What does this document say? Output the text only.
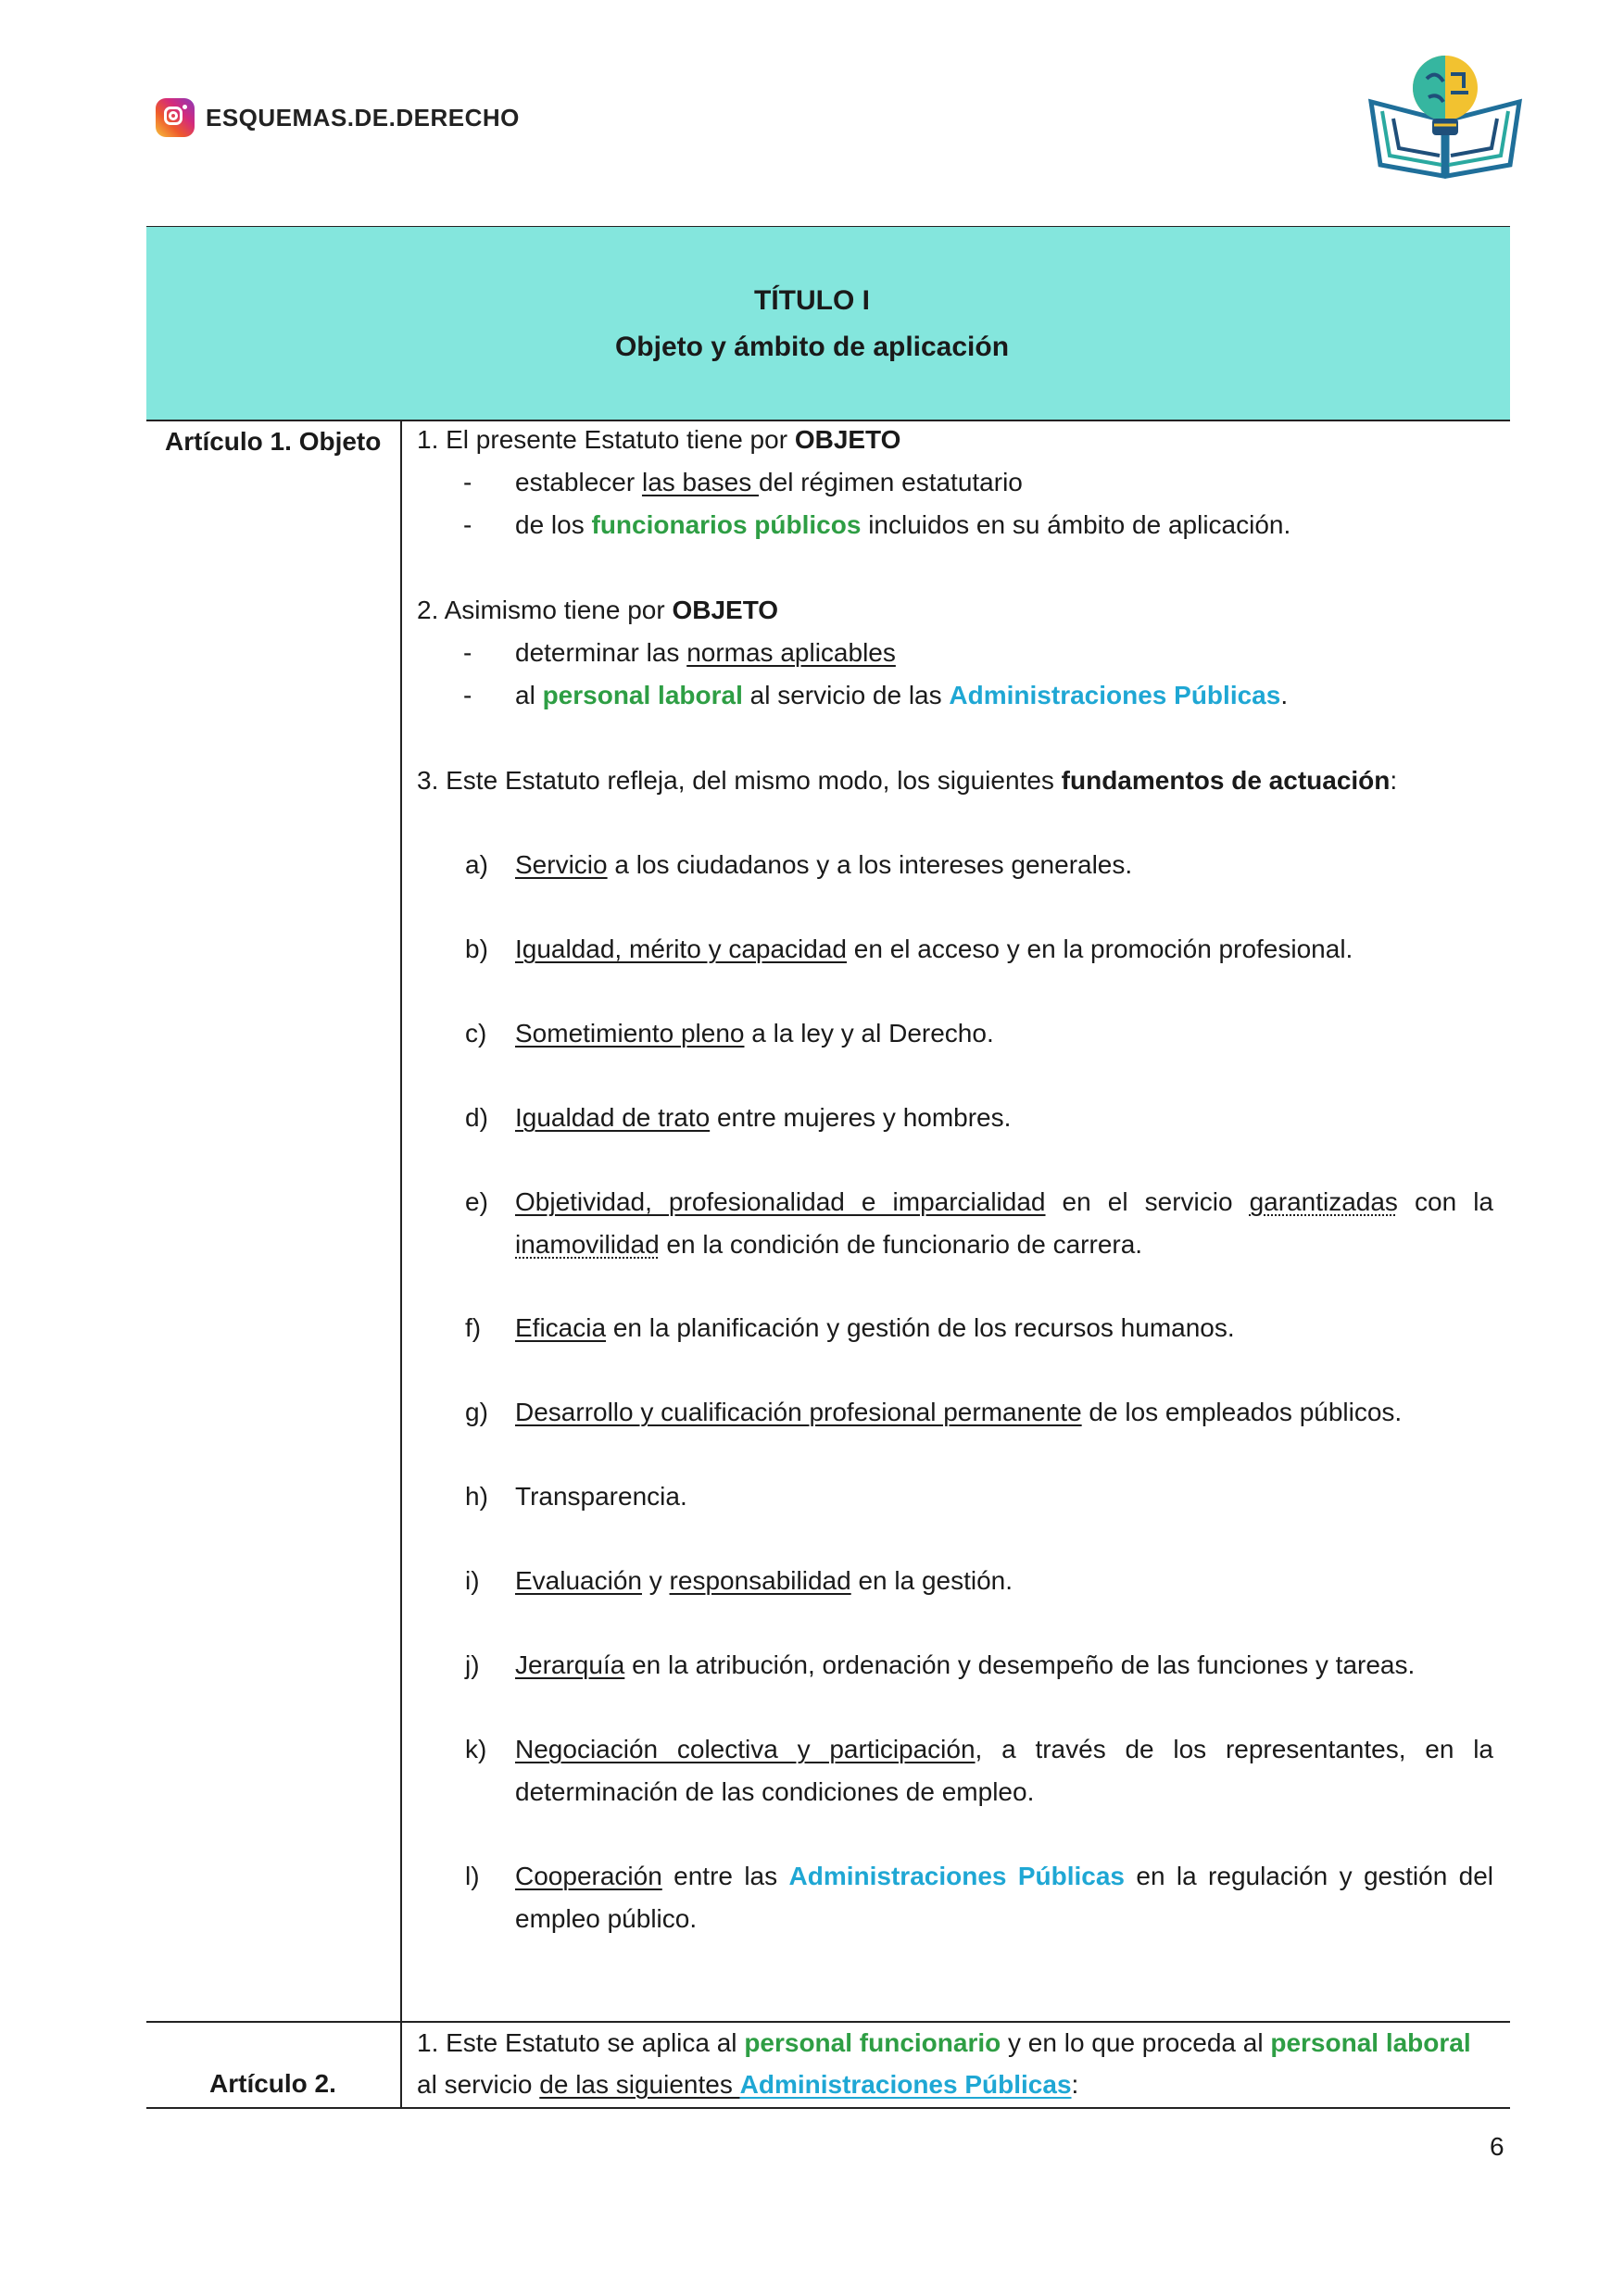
ESQUEMAS.DE.DERECHO
TÍTULO I
Objeto y ámbito de aplicación
Artículo 1. Objeto 1. El presente Estatuto tiene por OBJETO
- establecer las bases del régimen estatutario
- de los funcionarios públicos incluidos en su ámbito de aplicación.
2. Asimismo tiene por OBJETO
- determinar las normas aplicables
- al personal laboral al servicio de las Administraciones Públicas.
3. Este Estatuto refleja, del mismo modo, los siguientes fundamentos de actuación:
a) Servicio a los ciudadanos y a los intereses generales.
b) Igualdad, mérito y capacidad en el acceso y en la promoción profesional.
c) Sometimiento pleno a la ley y al Derecho.
d) Igualdad de trato entre mujeres y hombres.
e) Objetividad, profesionalidad e imparcialidad en el servicio garantizadas con la inamovilidad en la condición de funcionario de carrera.
f) Eficacia en la planificación y gestión de los recursos humanos.
g) Desarrollo y cualificación profesional permanente de los empleados públicos.
h) Transparencia.
i) Evaluación y responsabilidad en la gestión.
j) Jerarquía en la atribución, ordenación y desempeño de las funciones y tareas.
k) Negociación colectiva y participación, a través de los representantes, en la determinación de las condiciones de empleo.
l) Cooperación entre las Administraciones Públicas en la regulación y gestión del empleo público.
Artículo 2.
1. Este Estatuto se aplica al personal funcionario y en lo que proceda al personal laboral
al servicio de las siguientes Administraciones Públicas:
6
